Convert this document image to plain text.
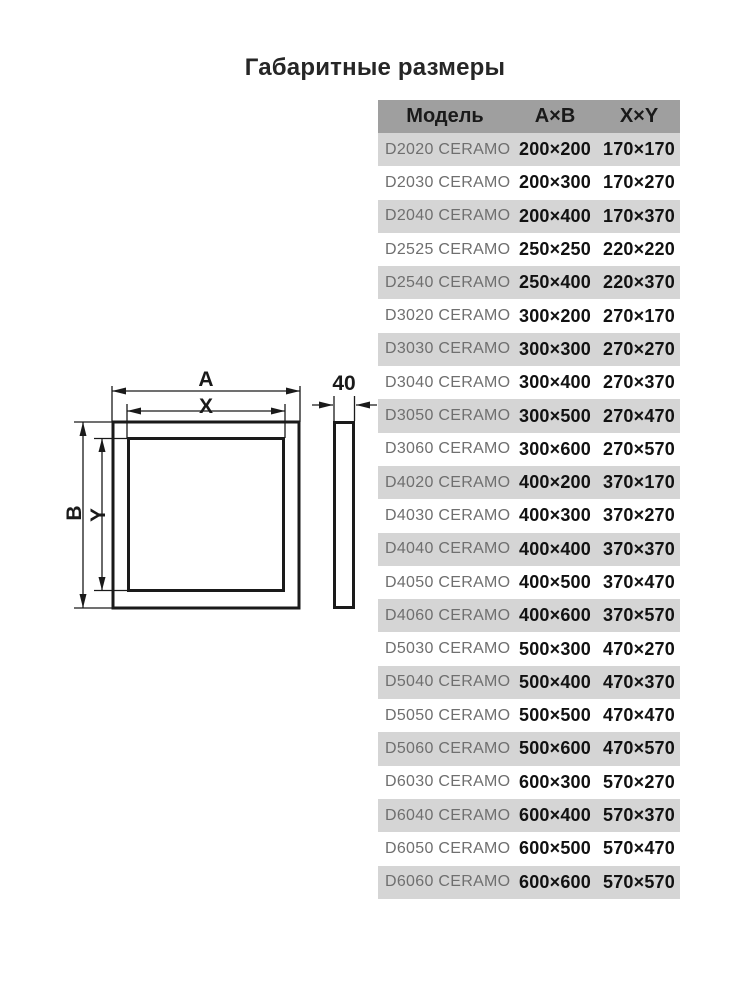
Габаритные размеры
A
X
B Y
40
Модель	А×В	X×Y
D2020 CERAMO 200×200 170×170
D2030 CERAMO 200×300 170×270
D2040 CERAMO 200×400 170×370
D2525 CERAMO 250×250 220×220
D2540 CERAMO 250×400 220×370
D3020 CERAMO 300×200 270×170
D3030 CERAMO 300×300 270×270
D3040 CERAMO 300×400 270×370
D3050 CERAMO 300×500 270×470
D3060 CERAMO 300×600 270×570
D4020 CERAMO 400×200 370×170
D4030 CERAMO 400×300 370×270
D4040 CERAMO 400×400 370×370
D4050 CERAMO 400×500 370×470
D4060 CERAMO 400×600 370×570
D5030 CERAMO 500×300 470×270
D5040 CERAMO 500×400 470×370
D5050 CERAMO 500×500 470×470
D5060 CERAMO 500×600 470×570
D6030 CERAMO 600×300 570×270
D6040 CERAMO 600×400 570×370
D6050 CERAMO 600×500 570×470
D6060 CERAMO 600×600 570×570
